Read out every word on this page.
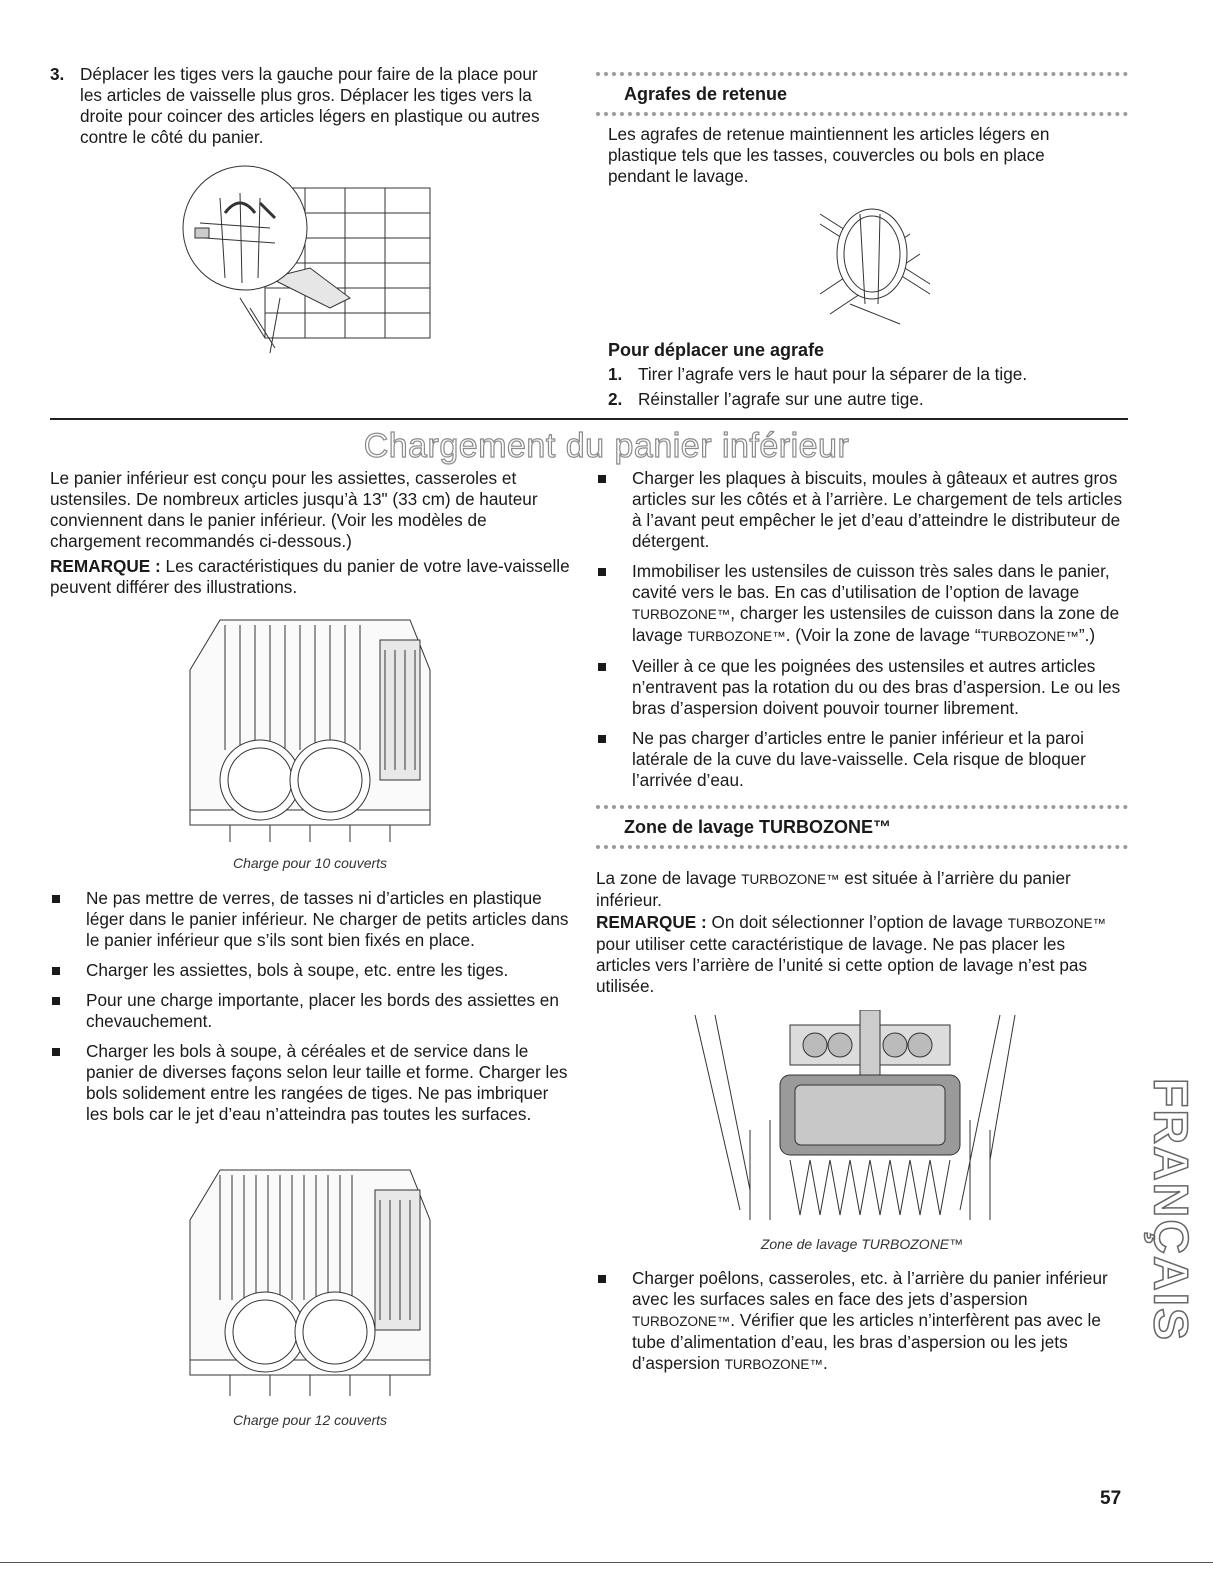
3. Déplacer les tiges vers la gauche pour faire de la place pour les articles de vaisselle plus gros. Déplacer les tiges vers la droite pour coincer des articles légers en plastique ou autres contre le côté du panier.
Agrafes de retenue
Les agrafes de retenue maintiennent les articles légers en plastique tels que les tasses, couvercles ou bols en place pendant le lavage.
Pour déplacer une agrafe
1. Tirer l’agrafe vers le haut pour la séparer de la tige.
2. Réinstaller l’agrafe sur une autre tige.
Chargement du panier inférieur
Le panier inférieur est conçu pour les assiettes, casseroles et ustensiles. De nombreux articles jusqu’à 13" (33 cm) de hauteur conviennent dans le panier inférieur. (Voir les modèles de chargement recommandés ci-dessous.)
REMARQUE : Les caractéristiques du panier de votre lave-vaisselle peuvent différer des illustrations.
Charge pour 10 couverts
Ne pas mettre de verres, de tasses ni d’articles en plastique léger dans le panier inférieur. Ne charger de petits articles dans le panier inférieur que s’ils sont bien fixés en place.
Charger les assiettes, bols à soupe, etc. entre les tiges.
Pour une charge importante, placer les bords des assiettes en chevauchement.
Charger les bols à soupe, à céréales et de service dans le panier de diverses façons selon leur taille et forme. Charger les bols solidement entre les rangées de tiges. Ne pas imbriquer les bols car le jet d’eau n’atteindra pas toutes les surfaces.
Charge pour 12 couverts
Charger les plaques à biscuits, moules à gâteaux et autres gros articles sur les côtés et à l’arrière. Le chargement de tels articles à l’avant peut empêcher le jet d’eau d’atteindre le distributeur de détergent.
Immobiliser les ustensiles de cuisson très sales dans le panier, cavité vers le bas. En cas d’utilisation de l’option de lavage TURBOZONE™, charger les ustensiles de cuisson dans la zone de lavage TURBOZONE™. (Voir la zone de lavage “TURBOZONE™”.)
Veiller à ce que les poignées des ustensiles et autres articles n’entravent pas la rotation du ou des bras d’aspersion. Le ou les bras d’aspersion doivent pouvoir tourner librement.
Ne pas charger d’articles entre le panier inférieur et la paroi latérale de la cuve du lave-vaisselle. Cela risque de bloquer l’arrivée d’eau.
Zone de lavage TURBOZONE™
La zone de lavage TURBOZONE™ est située à l’arrière du panier inférieur.
REMARQUE : On doit sélectionner l’option de lavage TURBOZONE™ pour utiliser cette caractéristique de lavage. Ne pas placer les articles vers l’arrière de l’unité si cette option de lavage n’est pas utilisée.
Zone de lavage TURBOZONE™
Charger poêlons, casseroles, etc. à l’arrière du panier inférieur avec les surfaces sales en face des jets d’aspersion TURBOZONE™. Vérifier que les articles n’interfèrent pas avec le tube d’alimentation d’eau, les bras d’aspersion ou les jets d’aspersion TURBOZONE™.
FRANÇAIS
57
